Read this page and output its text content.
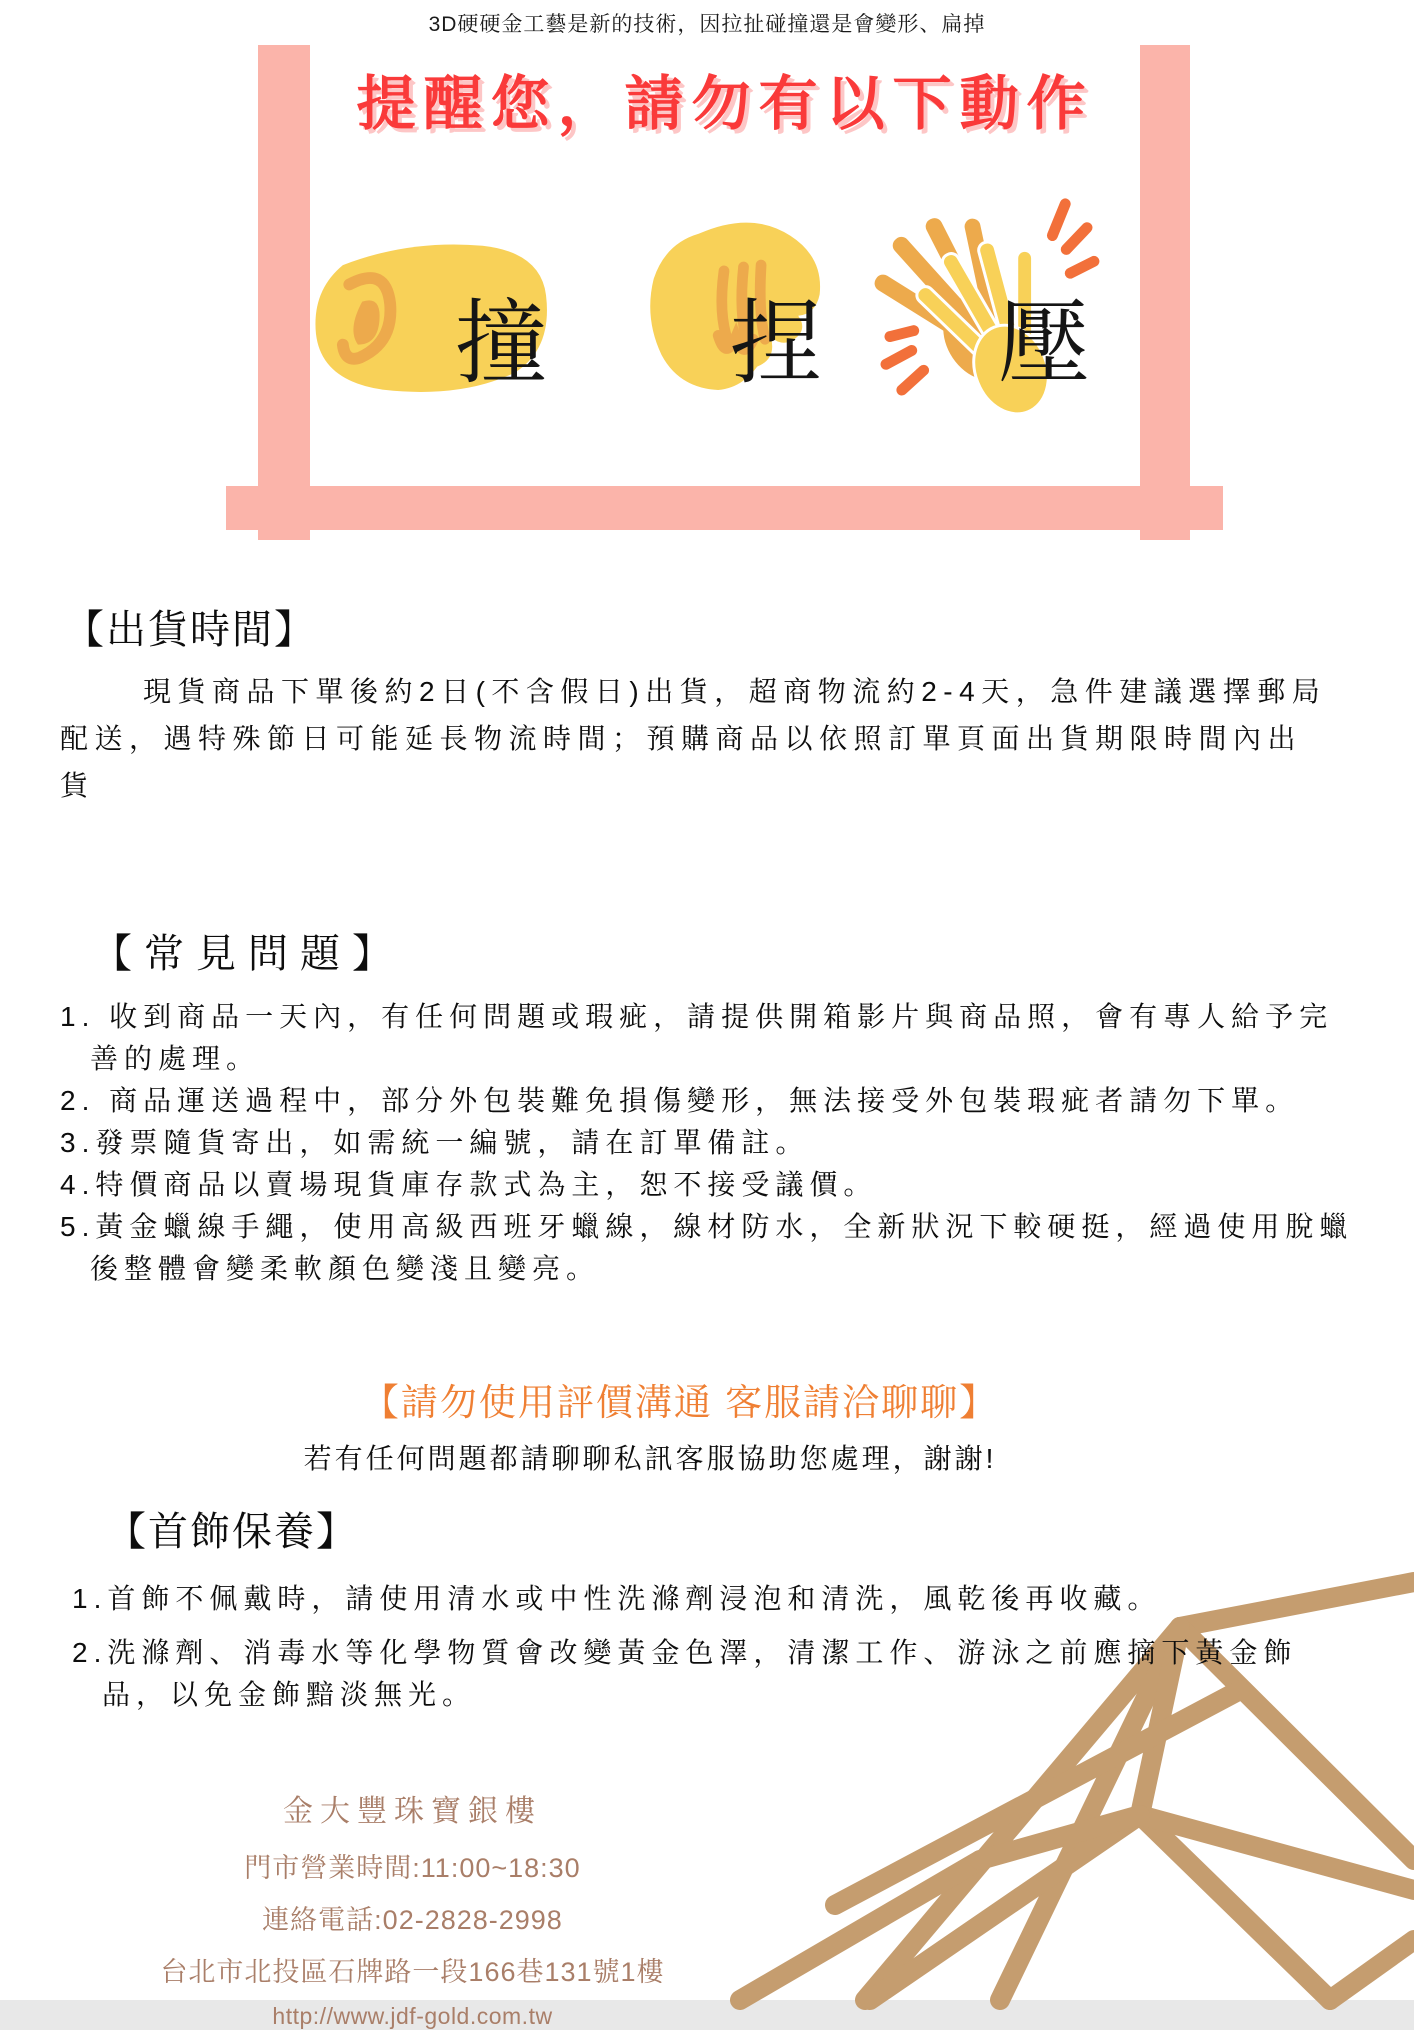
3D硬硬金工藝是新的技術，因拉扯碰撞還是會變形、扁掉
提醒您，請勿有以下動作
撞 捏 壓
【出貨時間】
現貨商品下單後約2日(不含假日)出貨，超商物流約2-4天，急件建議選擇郵局配送，遇特殊節日可能延長物流時間；預購商品以依照訂單頁面出貨期限時間內出貨
【常見問題】
1. 收到商品一天內，有任何問題或瑕疵，請提供開箱影片與商品照，會有專人給予完善的處理。
2. 商品運送過程中，部分外包裝難免損傷變形，無法接受外包裝瑕疵者請勿下單。
3.發票隨貨寄出，如需統一編號，請在訂單備註。
4.特價商品以賣場現貨庫存款式為主，恕不接受議價。
5.黃金蠟線手繩，使用高級西班牙蠟線，線材防水，全新狀況下較硬挺，經過使用脫蠟後整體會變柔軟顏色變淺且變亮。
【請勿使用評價溝通 客服請洽聊聊】
若有任何問題都請聊聊私訊客服協助您處理，謝謝!
【首飾保養】
1.首飾不佩戴時，請使用清水或中性洗滌劑浸泡和清洗，風乾後再收藏。
2.洗滌劑、消毒水等化學物質會改變黃金色澤，清潔工作、游泳之前應摘下黃金飾品，以免金飾黯淡無光。
金大豐珠寶銀樓
門市營業時間:11:00~18:30
連絡電話:02-2828-2998
台北市北投區石牌路一段166巷131號1樓
http://www.jdf-gold.com.tw
